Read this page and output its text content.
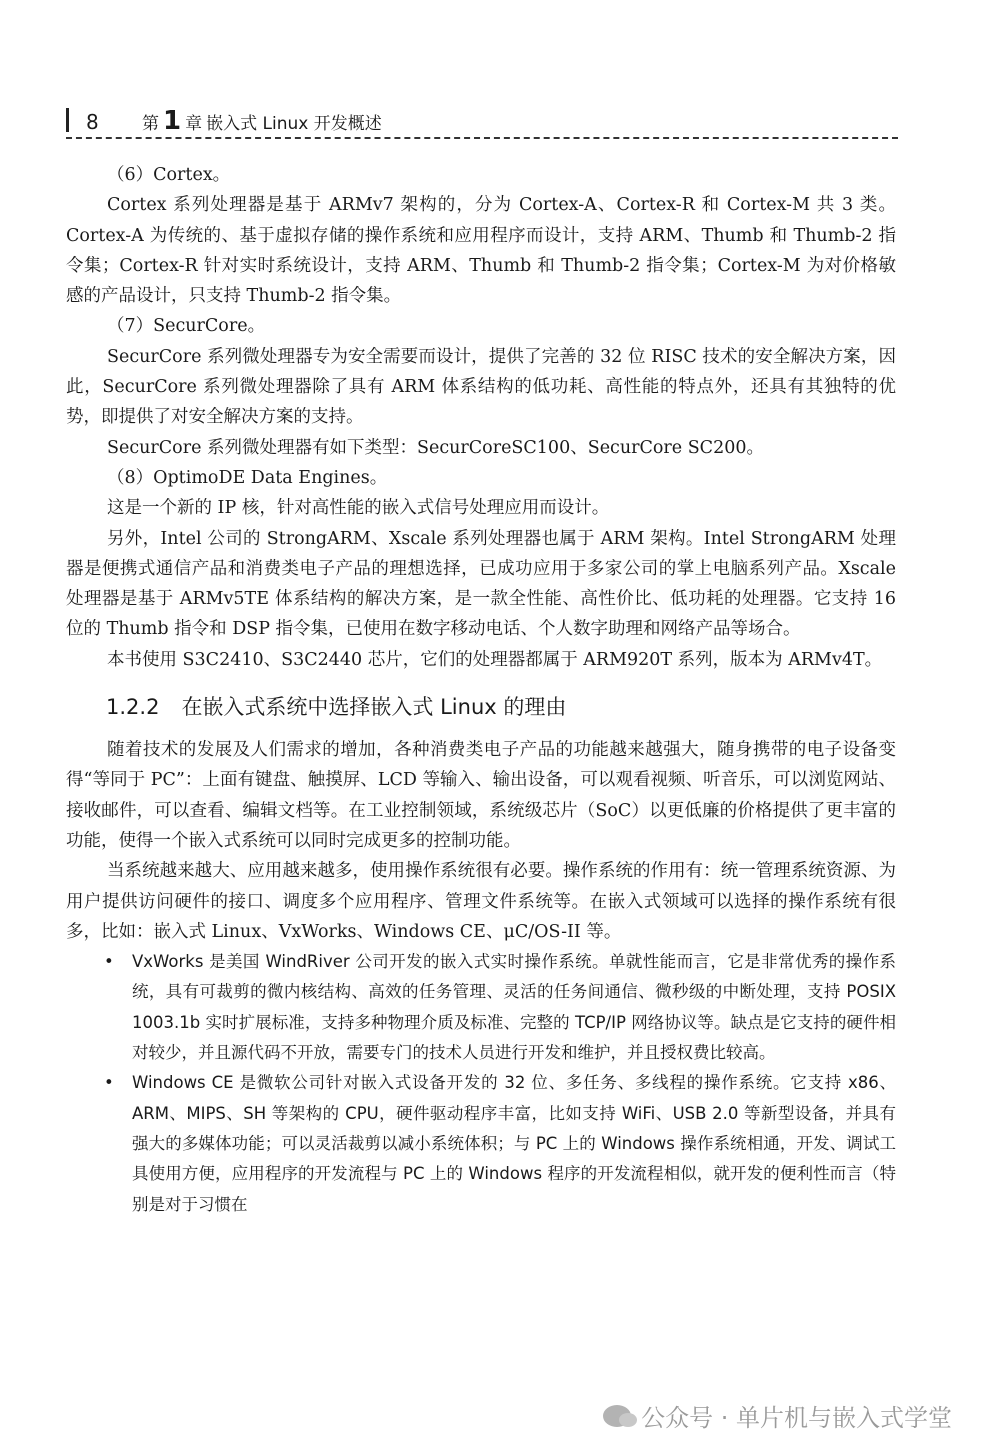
8	第 1 章 嵌入式 Linux 开发概述

（6）Cortex。

Cortex 系列处理器是基于 ARMv7 架构的，分为 Cortex-A、Cortex-R 和 Cortex-M 共 3 类。Cortex-A 为传统的、基于虚拟存储的操作系统和应用程序而设计，支持 ARM、Thumb 和 Thumb-2 指令集；Cortex-R 针对实时系统设计，支持 ARM、Thumb 和 Thumb-2 指令集；Cortex-M 为对价格敏感的产品设计，只支持 Thumb-2 指令集。

（7）SecurCore。

SecurCore 系列微处理器专为安全需要而设计，提供了完善的 32 位 RISC 技术的安全解决方案，因此，SecurCore 系列微处理器除了具有 ARM 体系结构的低功耗、高性能的特点外，还具有其独特的优势，即提供了对安全解决方案的支持。

SecurCore 系列微处理器有如下类型：SecurCoreSC100、SecurCore SC200。

（8）OptimoDE Data Engines。

这是一个新的 IP 核，针对高性能的嵌入式信号处理应用而设计。

另外，Intel 公司的 StrongARM、Xscale 系列处理器也属于 ARM 架构。Intel StrongARM 处理器是便携式通信产品和消费类电子产品的理想选择，已成功应用于多家公司的掌上电脑系列产品。Xscale 处理器是基于 ARMv5TE 体系结构的解决方案，是一款全性能、高性价比、低功耗的处理器。它支持 16 位的 Thumb 指令和 DSP 指令集，已使用在数字移动电话、个人数字助理和网络产品等场合。

本书使用 S3C2410、S3C2440 芯片，它们的处理器都属于 ARM920T 系列，版本为 ARMv4T。

1.2.2 在嵌入式系统中选择嵌入式 Linux 的理由

随着技术的发展及人们需求的增加，各种消费类电子产品的功能越来越强大，随身携带的电子设备变得“等同于 PC”：上面有键盘、触摸屏、LCD 等输入、输出设备，可以观看视频、听音乐，可以浏览网站、接收邮件，可以查看、编辑文档等。在工业控制领域，系统级芯片（SoC）以更低廉的价格提供了更丰富的功能，使得一个嵌入式系统可以同时完成更多的控制功能。

当系统越来越大、应用越来越多，使用操作系统很有必要。操作系统的作用有：统一管理系统资源、为用户提供访问硬件的接口、调度多个应用程序、管理文件系统等。在嵌入式领域可以选择的操作系统有很多，比如：嵌入式 Linux、VxWorks、Windows CE、μC/OS-II 等。

• VxWorks 是美国 WindRiver 公司开发的嵌入式实时操作系统。单就性能而言，它是非常优秀的操作系统，具有可裁剪的微内核结构、高效的任务管理、灵活的任务间通信、微秒级的中断处理，支持 POSIX 1003.1b 实时扩展标准，支持多种物理介质及标准、完整的 TCP/IP 网络协议等。缺点是它支持的硬件相对较少，并且源代码不开放，需要专门的技术人员进行开发和维护，并且授权费比较高。
• Windows CE 是微软公司针对嵌入式设备开发的 32 位、多任务、多线程的操作系统。它支持 x86、ARM、MIPS、SH 等架构的 CPU，硬件驱动程序丰富，比如支持 WiFi、USB 2.0 等新型设备，并具有强大的多媒体功能；可以灵活裁剪以减小系统体积；与 PC 上的 Windows 操作系统相通，开发、调试工具使用方便，应用程序的开发流程与 PC 上的 Windows 程序的开发流程相似，就开发的便利性而言（特别是对于习惯在
公众号 · 单片机与嵌入式学堂
